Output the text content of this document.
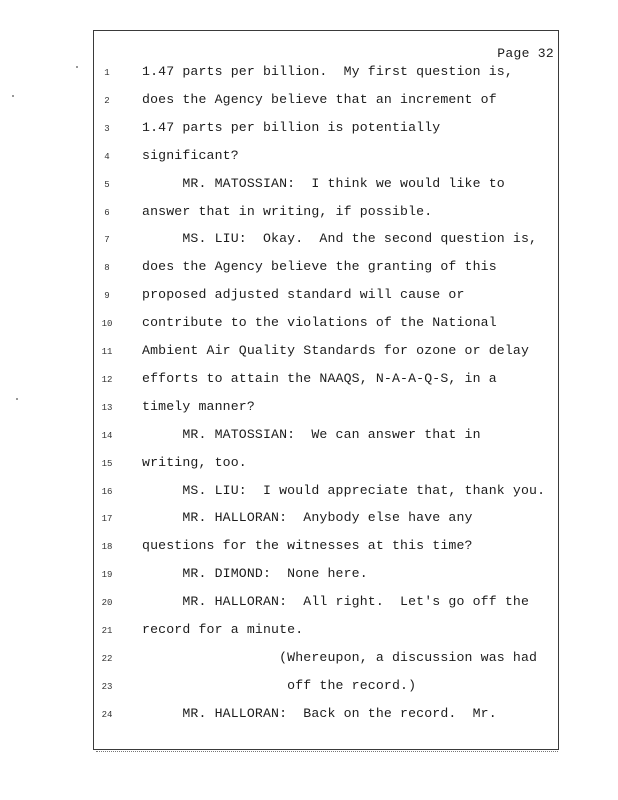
Page 32
1	1.47 parts per billion.  My first question is,
2	does the Agency believe that an increment of
3	1.47 parts per billion is potentially
4	significant?
5	MR. MATOSSIAN:  I think we would like to
6	answer that in writing, if possible.
7	MS. LIU:  Okay.  And the second question is,
8	does the Agency believe the granting of this
9	proposed adjusted standard will cause or
10	contribute to the violations of the National
11	Ambient Air Quality Standards for ozone or delay
12	efforts to attain the NAAQS, N-A-A-Q-S, in a
13	timely manner?
14	MR. MATOSSIAN:  We can answer that in
15	writing, too.
16	MS. LIU:  I would appreciate that, thank you.
17	MR. HALLORAN:  Anybody else have any
18	questions for the witnesses at this time?
19	MR. DIMOND:  None here.
20	MR. HALLORAN:  All right.  Let's go off the
21	record for a minute.
22	(Whereupon, a discussion was had
23	off the record.)
24	MR. HALLORAN:  Back on the record.  Mr.
